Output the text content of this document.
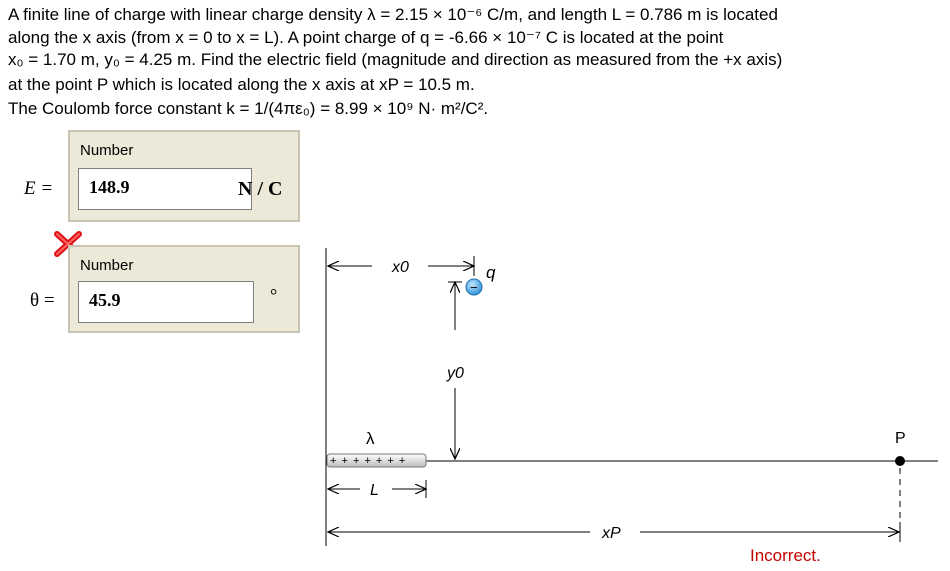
A finite line of charge with linear charge density λ = 2.15 × 10⁻⁶ C/m, and length L = 0.786 m is located

along the x axis (from x = 0 to x = L). A point charge of q = -6.66 × 10⁻⁷ C is located at the point

x₀ = 1.70 m, y₀ = 4.25 m. Find the electric field (magnitude and direction as measured from the +x axis)

at the point P which is located along the x axis at xP = 10.5 m.

The Coulomb force constant k = 1/(4πε₀) = 8.99 × 10⁹ N· m²/C².

E =
Number
148.9	N / C
θ =
Number
45.9	°
x0
−
q
y0
λ
+ + + + + + +
L
P
xP
Incorrect.
